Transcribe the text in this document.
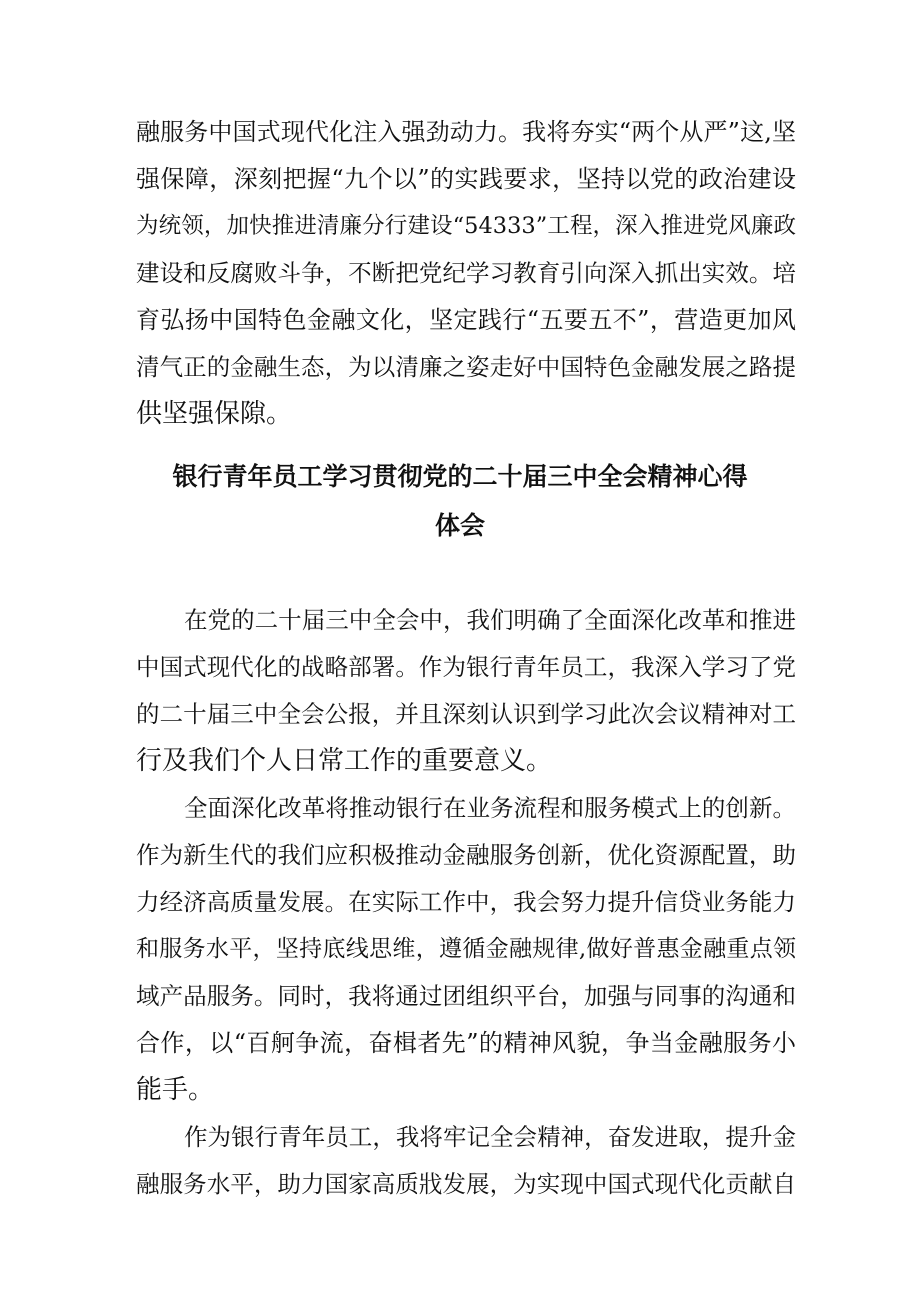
融服务中国式现代化注入强劲动力。我将夯实“两个从严”这,坚
强保障，深刻把握“九个以”的实践要求，坚持以党的政治建设
为统领，加快推进清廉分行建设“54333”工程，深入推进党风廉政
建设和反腐败斗争，不断把党纪学习教育引向深入抓出实效。培
育弘扬中国特色金融文化，坚定践行“五要五不”，营造更加风
清气正的金融生态，为以清廉之姿走好中国特色金融发展之路提
供坚强保隙。
银行青年员工学习贯彻党的二十届三中全会精神心得
体会
在党的二十届三中全会中，我们明确了全面深化改革和推进
中国式现代化的战略部署。作为银行青年员工，我深入学习了党
的二十届三中全会公报，并且深刻认识到学习此次会议精神对工
行及我们个人日常工作的重要意义。
全面深化改革将推动银行在业务流程和服务模式上的创新。
作为新生代的我们应积极推动金融服务创新，优化资源配置，助
力经济高质量发展。在实际工作中，我会努力提升信贷业务能力
和服务水平，坚持底线思维，遵循金融规律,做好普惠金融重点领
域产品服务。同时，我将通过团组织平台，加强与同事的沟通和
合作，以“百舸争流，奋楫者先”的精神风貌，争当金融服务小
能手。
作为银行青年员工，我将牢记全会精神，奋发进取，提升金
融服务水平，助力国家高质戕发展，为实现中国式现代化贡献自
